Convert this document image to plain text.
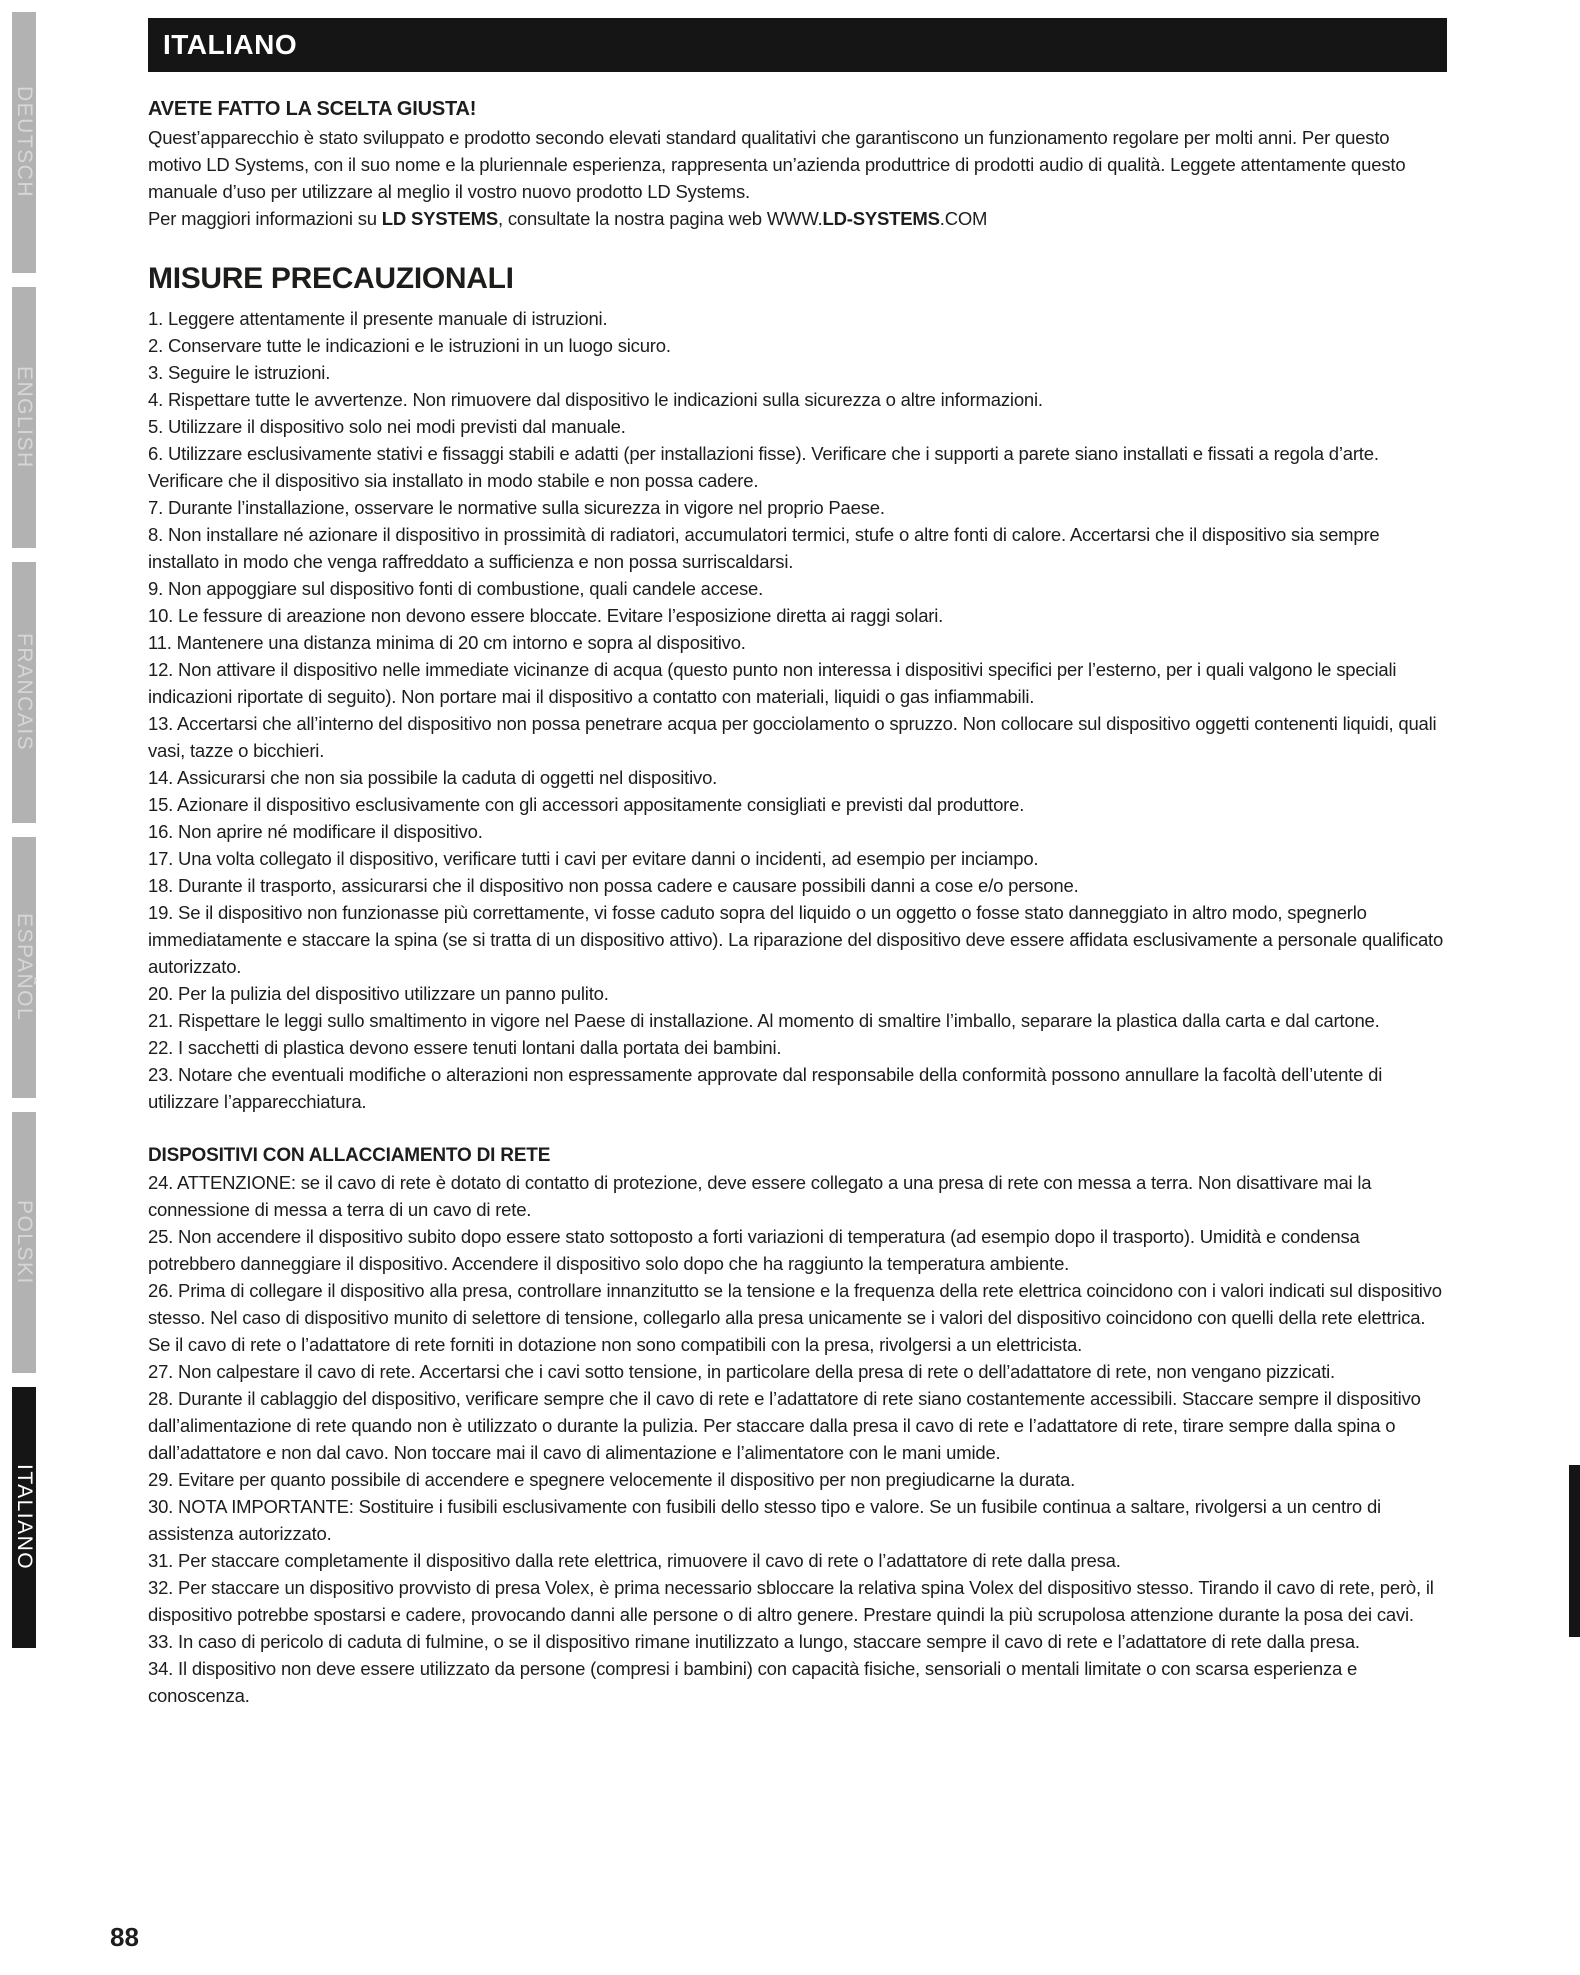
DEUTSCH
ENGLISH
FRANCAIS
ESPAÑOL
POLSKI
ITALIANO
ITALIANO
AVETE FATTO LA SCELTA GIUSTA!

Quest’apparecchio è stato sviluppato e prodotto secondo elevati standard qualitativi che garantiscono un funzionamento regolare per molti anni. Per questo motivo LD Systems, con il suo nome e la pluriennale esperienza, rappresenta un’azienda produttrice di prodotti audio di qualità. Leggete attentamente questo manuale d’uso per utilizzare al meglio il vostro nuovo prodotto LD Systems.

Per maggiori informazioni su LD SYSTEMS, consultate la nostra pagina web WWW.LD-SYSTEMS.COM

MISURE PRECAUZIONALI

1. Leggere attentamente il presente manuale di istruzioni.

2. Conservare tutte le indicazioni e le istruzioni in un luogo sicuro.

3. Seguire le istruzioni.

4. Rispettare tutte le avvertenze. Non rimuovere dal dispositivo le indicazioni sulla sicurezza o altre informazioni.

5. Utilizzare il dispositivo solo nei modi previsti dal manuale.

6. Utilizzare esclusivamente stativi e fissaggi stabili e adatti (per installazioni fisse). Verificare che i supporti a parete siano installati e fissati a regola d’arte. Verificare che il dispositivo sia installato in modo stabile e non possa cadere.

7. Durante l’installazione, osservare le normative sulla sicurezza in vigore nel proprio Paese.

8. Non installare né azionare il dispositivo in prossimità di radiatori, accumulatori termici, stufe o altre fonti di calore. Accertarsi che il dispositivo sia sempre installato in modo che venga raffreddato a sufficienza e non possa surriscaldarsi.

9. Non appoggiare sul dispositivo fonti di combustione, quali candele accese.

10. Le fessure di areazione non devono essere bloccate. Evitare l’esposizione diretta ai raggi solari.

11. Mantenere una distanza minima di 20 cm intorno e sopra al dispositivo.

12. Non attivare il dispositivo nelle immediate vicinanze di acqua (questo punto non interessa i dispositivi specifici per l’esterno, per i quali valgono le speciali indicazioni riportate di seguito). Non portare mai il dispositivo a contatto con materiali, liquidi o gas infiammabili.

13. Accertarsi che all’interno del dispositivo non possa penetrare acqua per gocciolamento o spruzzo. Non collocare sul dispositivo oggetti contenenti liquidi, quali vasi, tazze o bicchieri.

14. Assicurarsi che non sia possibile la caduta di oggetti nel dispositivo.

15. Azionare il dispositivo esclusivamente con gli accessori appositamente consigliati e previsti dal produttore.

16. Non aprire né modificare il dispositivo.

17. Una volta collegato il dispositivo, verificare tutti i cavi per evitare danni o incidenti, ad esempio per inciampo.

18. Durante il trasporto, assicurarsi che il dispositivo non possa cadere e causare possibili danni a cose e/o persone.

19. Se il dispositivo non funzionasse più correttamente, vi fosse caduto sopra del liquido o un oggetto o fosse stato danneggiato in altro modo, spegnerlo immediatamente e staccare la spina (se si tratta di un dispositivo attivo). La riparazione del dispositivo deve essere affidata esclusivamente a personale qualificato autorizzato.

20. Per la pulizia del dispositivo utilizzare un panno pulito.

21. Rispettare le leggi sullo smaltimento in vigore nel Paese di installazione. Al momento di smaltire l’imballo, separare la plastica dalla carta e dal cartone.

22. I sacchetti di plastica devono essere tenuti lontani dalla portata dei bambini.

23. Notare che eventuali modifiche o alterazioni non espressamente approvate dal responsabile della conformità possono annullare la facoltà dell’utente di utilizzare l’apparecchiatura.

DISPOSITIVI CON ALLACCIAMENTO DI RETE

24. ATTENZIONE: se il cavo di rete è dotato di contatto di protezione, deve essere collegato a una presa di rete con messa a terra. Non disattivare mai la connessione di messa a terra di un cavo di rete.

25. Non accendere il dispositivo subito dopo essere stato sottoposto a forti variazioni di temperatura (ad esempio dopo il trasporto). Umidità e condensa potrebbero danneggiare il dispositivo. Accendere il dispositivo solo dopo che ha raggiunto la temperatura ambiente.

26. Prima di collegare il dispositivo alla presa, controllare innanzitutto se la tensione e la frequenza della rete elettrica coincidono con i valori indicati sul dispositivo stesso. Nel caso di dispositivo munito di selettore di tensione, collegarlo alla presa unicamente se i valori del dispositivo coincidono con quelli della rete elettrica. Se il cavo di rete o l’adattatore di rete forniti in dotazione non sono compatibili con la presa, rivolgersi a un elettricista.

27. Non calpestare il cavo di rete. Accertarsi che i cavi sotto tensione, in particolare della presa di rete o dell’adattatore di rete, non vengano pizzicati.

28. Durante il cablaggio del dispositivo, verificare sempre che il cavo di rete e l’adattatore di rete siano costantemente accessibili. Staccare sempre il dispositivo dall’alimentazione di rete quando non è utilizzato o durante la pulizia. Per staccare dalla presa il cavo di rete e l’adattatore di rete, tirare sempre dalla spina o dall’adattatore e non dal cavo. Non toccare mai il cavo di alimentazione e l’alimentatore con le mani umide.

29. Evitare per quanto possibile di accendere e spegnere velocemente il dispositivo per non pregiudicarne la durata.

30. NOTA IMPORTANTE: Sostituire i fusibili esclusivamente con fusibili dello stesso tipo e valore. Se un fusibile continua a saltare, rivolgersi a un centro di assistenza autorizzato.

31. Per staccare completamente il dispositivo dalla rete elettrica, rimuovere il cavo di rete o l’adattatore di rete dalla presa.

32. Per staccare un dispositivo provvisto di presa Volex, è prima necessario sbloccare la relativa spina Volex del dispositivo stesso. Tirando il cavo di rete, però, il dispositivo potrebbe spostarsi e cadere, provocando danni alle persone o di altro genere. Prestare quindi la più scrupolosa attenzione durante la posa dei cavi.

33. In caso di pericolo di caduta di fulmine, o se il dispositivo rimane inutilizzato a lungo, staccare sempre il cavo di rete e l’adattatore di rete dalla presa.

34. Il dispositivo non deve essere utilizzato da persone (compresi i bambini) con capacità fisiche, sensoriali o mentali limitate o con scarsa esperienza e conoscenza.

88
